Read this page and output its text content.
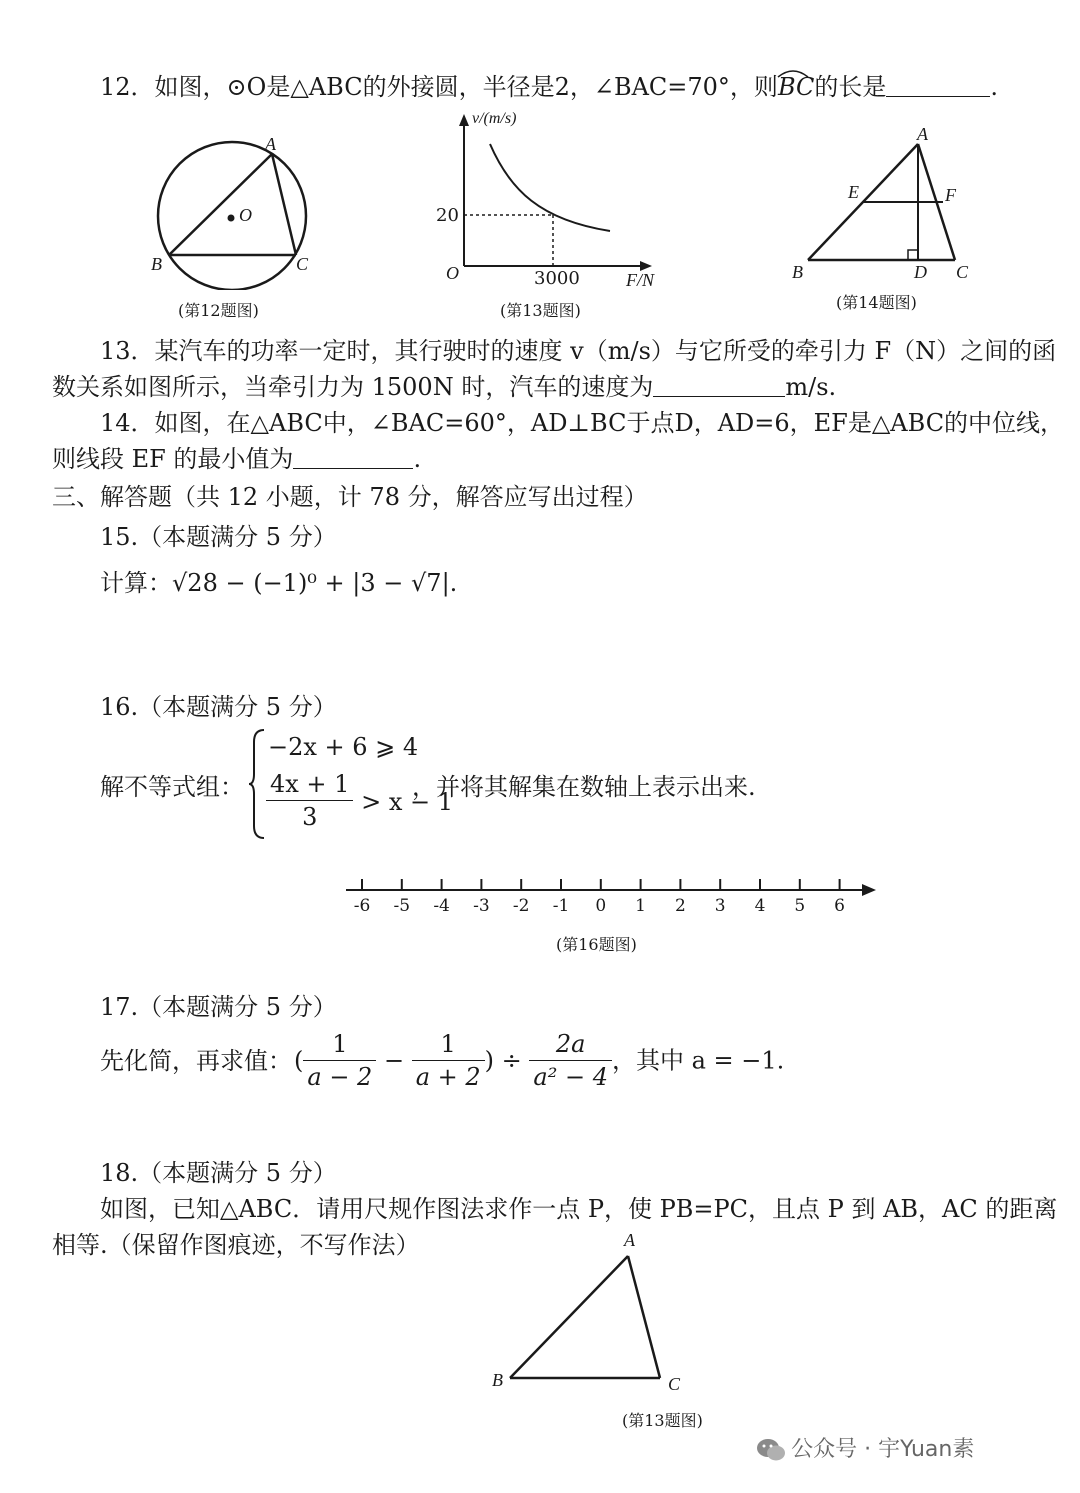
12．如图，⊙O是△ABC的外接圆，半径是2，∠BAC=70°，则BC
的长是	.
A
B	C
O
(第12题图)
v/(m/s)
O
20
3000	F/N
(第13题图)
A
E	F
B	D C
(第14题图)
13．某汽车的功率一定时，其行驶时的速度 v（m/s）与它所受的牵引力 F（N）之间的函
数关系如图所示，当牵引力为 1500N 时，汽车的速度为	m/s.
14．如图，在△ABC中，∠BAC=60°，AD⊥BC于点D，AD=6，EF是△ABC的中位线，
则线段 EF 的最小值为	.
三、解答题（共 12 小题，计 78 分，解答应写出过程）
15.（本题满分 5 分）
计算：√28 − (−1)⁰ + |3 − √7|.
16.（本题满分 5 分）
解不等式组：
−2x + 6 ⩾ 4
$\frac{4x + 1}{3} > x - 1$
，并将其解集在数轴上表示出来.
-6 -5 -4 -3 -2 -1 0 1 2 3 4 5 6
(第16题图)
17.（本题满分 5 分）
先化简，再求值： ( $\frac{1}{a - 2} - \frac{1}{a + 2}$ ) ÷ $\frac{2a}{\text{a² − 4}}$ ，其中 a = −1.
18.（本题满分 5 分）
如图，已知△ABC．请用尺规作图法求作一点 P，使 PB=PC，且点 P 到 AB，AC 的距离
相等.（保留作图痕迹，不写作法）	A
B	C
(第13题图)
公众号 · 宇Yuan素
